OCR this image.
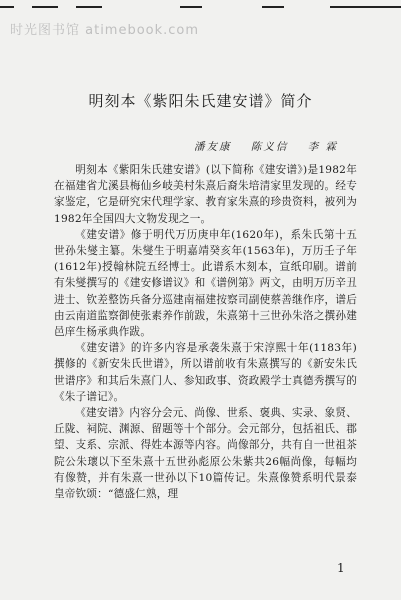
时光图书馆 atimebook.com
明刻本《紫阳朱氏建安谱》简介
潘友康 陈义信 李 霖

明刻本《紫阳朱氏建安谱》(以下简称《建安谱》)是1982年在福建省尤溪县梅仙乡岐美村朱熹后裔朱培清家里发现的。经专家鉴定，它是研究宋代理学家、教育家朱熹的珍贵资料，被列为1982年全国四大文物发现之一。

《建安谱》修于明代万历庚申年(1620年)，系朱氏第十五世孙朱燮主纂。朱燮生于明嘉靖癸亥年(1563年)，万历壬子年(1612年)授翰林院五经博士。此谱系木刻本，宣纸印刷。谱前有朱燮撰写的《建安修谱议》和《谱例第》两文，由明万历辛丑进士、钦差整饬兵备分巡建南福建按察司副使蔡善继作序，谱后由云南道监察御使张素养作前跋，朱熹第十三世孙朱洛之撰孙建邑庠生杨承典作跋。

《建安谱》的许多内容是承袭朱熹于宋淳熙十年(1183年)撰修的《新安朱氏世谱》，所以谱前收有朱熹撰写的《新安朱氏世谱序》和其后朱熹门人、参知政事、资政殿学士真德秀撰写的《朱子谱记》。

《建安谱》内容分会元、尚像、世系、褒典、实录、象贤、丘陇、祠院、渊源、留题等十个部分。会元部分，包括祖氏、郡望、支系、宗派、得姓本源等内容。尚像部分，共有自一世祖茶院公朱瓌以下至朱熹十五世孙彪原公朱紫共26幅尚像，每幅均有像赞，并有朱熹一世孙以下10篇传记。朱熹像赞系明代景泰皇帝钦颂：“德盛仁熟，理

1
